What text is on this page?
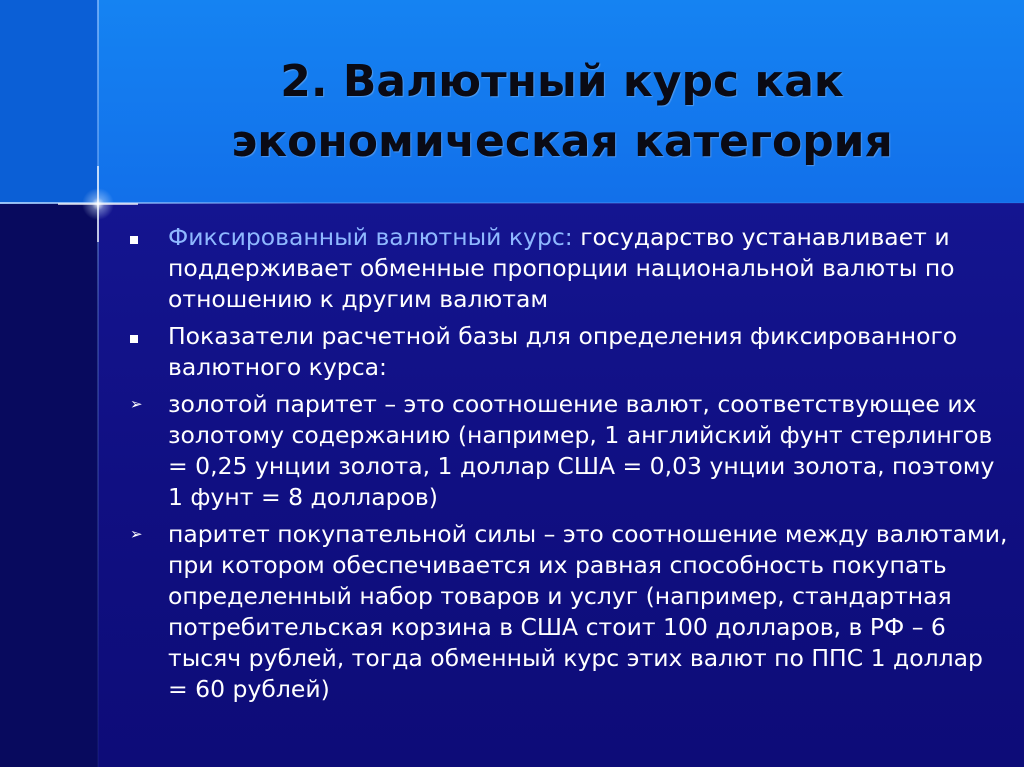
2. Валютный курс как
экономическая категория
Фиксированный валютный курс: государство устанавливает и поддерживает обменные пропорции национальной валюты по отношению к другим валютам
Показатели расчетной базы для определения фиксированного валютного курса:
➢ золотой паритет – это соотношение валют, соответствующее их золотому содержанию (например, 1 английский фунт стерлингов = 0,25 унции золота, 1 доллар США = 0,03 унции золота, поэтому 1 фунт = 8 долларов)
➢ паритет покупательной силы – это соотношение между валютами, при котором обеспечивается их равная способность покупать определенный набор товаров и услуг (например, стандартная потребительская корзина в США стоит 100 долларов, в РФ – 6 тысяч рублей, тогда обменный курс этих валют по ППС 1 доллар = 60 рублей)
